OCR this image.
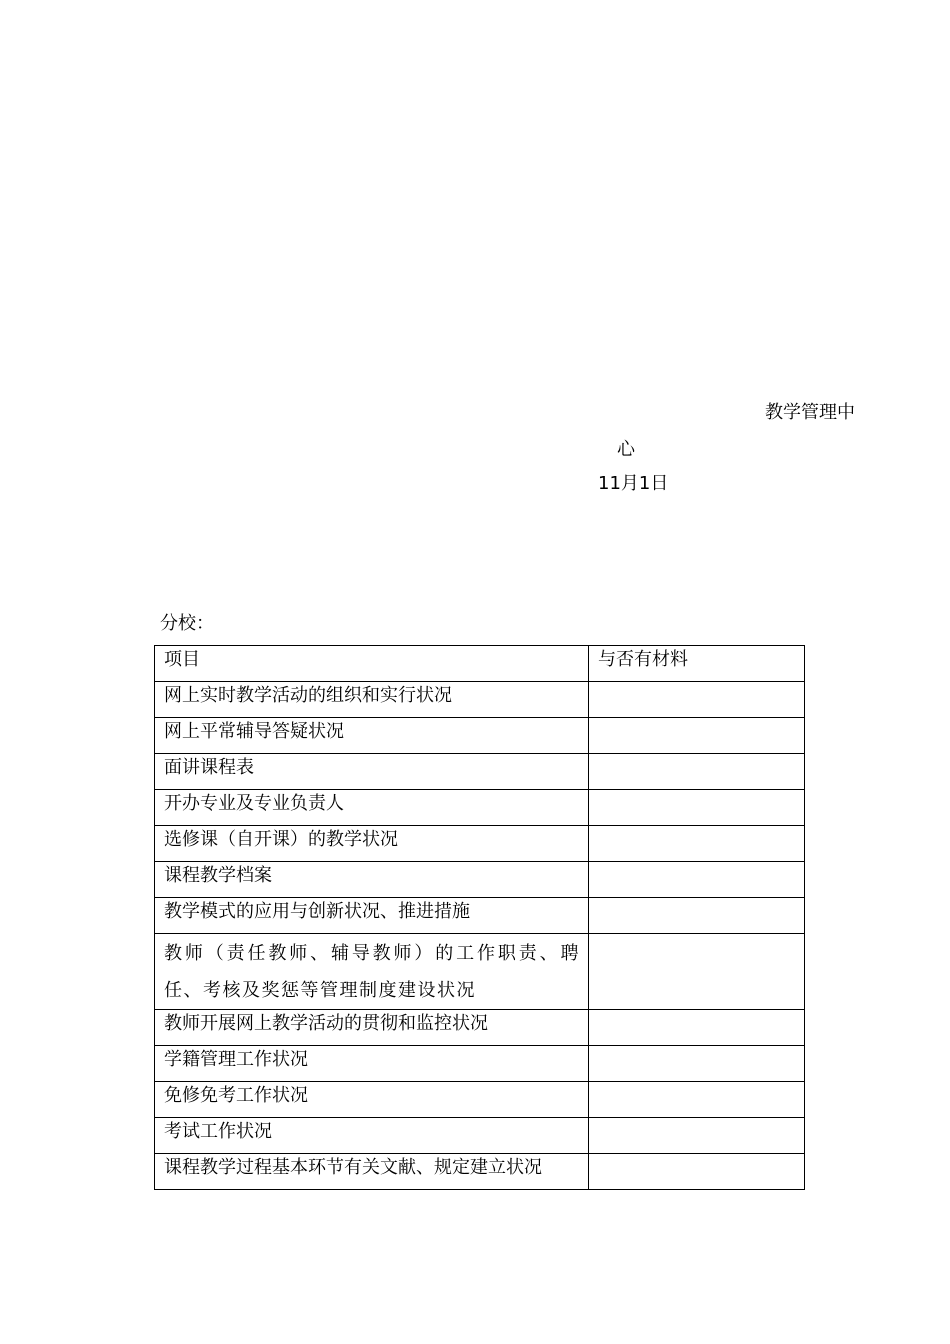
教学管理中
心
11月1日
分校：
项目	与否有材料

网上实时教学活动的组织和实行状况	

网上平常辅导答疑状况	

面讲课程表	

开办专业及专业负责人	

选修课（自开课）的教学状况	

课程教学档案	

教学模式的应用与创新状况、推进措施	

教师（责任教师、辅导教师）的工作职责、聘任、考核及奖惩等管理制度建设状况	

教师开展网上教学活动的贯彻和监控状况	

学籍管理工作状况	

免修免考工作状况	

考试工作状况	

课程教学过程基本环节有关文献、规定建立状况	
